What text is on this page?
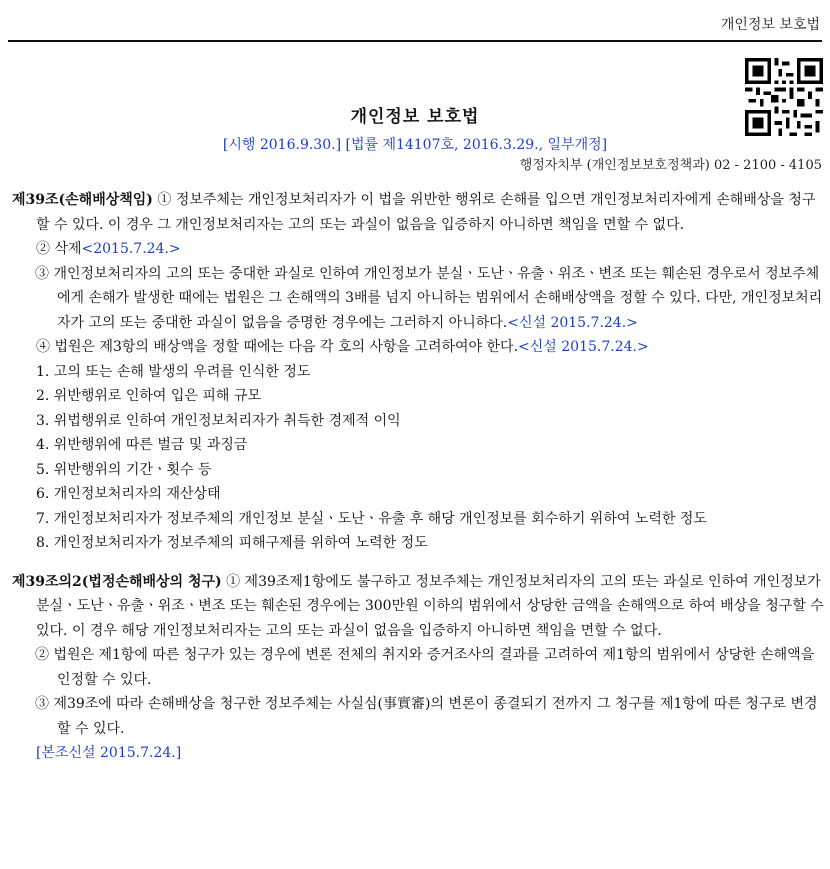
개인정보 보호법
개인정보 보호법
[시행 2016.9.30.] [법률 제14107호, 2016.3.29., 일부개정]
행정자치부 (개인정보보호정책과) 02 - 2100 - 4105

제39조(손해배상책임) ① 정보주체는 개인정보처리자가 이 법을 위반한 행위로 손해를 입으면 개인정보처리자에게 손해배상을 청구할 수 있다. 이 경우 그 개인정보처리자는 고의 또는 과실이 없음을 입증하지 아니하면 책임을 면할 수 없다.

② 삭제<2015.7.24.>

③ 개인정보처리자의 고의 또는 중대한 과실로 인하여 개인정보가 분실ㆍ도난ㆍ유출ㆍ위조ㆍ변조 또는 훼손된 경우로서 정보주체에게 손해가 발생한 때에는 법원은 그 손해액의 3배를 넘지 아니하는 범위에서 손해배상액을 정할 수 있다. 다만, 개인정보처리자가 고의 또는 중대한 과실이 없음을 증명한 경우에는 그러하지 아니하다.<신설 2015.7.24.>

④ 법원은 제3항의 배상액을 정할 때에는 다음 각 호의 사항을 고려하여야 한다.<신설 2015.7.24.>

1. 고의 또는 손해 발생의 우려를 인식한 정도

2. 위반행위로 인하여 입은 피해 규모

3. 위법행위로 인하여 개인정보처리자가 취득한 경제적 이익

4. 위반행위에 따른 벌금 및 과징금

5. 위반행위의 기간ㆍ횟수 등

6. 개인정보처리자의 재산상태

7. 개인정보처리자가 정보주체의 개인정보 분실ㆍ도난ㆍ유출 후 해당 개인정보를 회수하기 위하여 노력한 정도

8. 개인정보처리자가 정보주체의 피해구제를 위하여 노력한 정도

제39조의2(법정손해배상의 청구) ① 제39조제1항에도 불구하고 정보주체는 개인정보처리자의 고의 또는 과실로 인하여 개인정보가 분실ㆍ도난ㆍ유출ㆍ위조ㆍ변조 또는 훼손된 경우에는 300만원 이하의 범위에서 상당한 금액을 손해액으로 하여 배상을 청구할 수 있다. 이 경우 해당 개인정보처리자는 고의 또는 과실이 없음을 입증하지 아니하면 책임을 면할 수 없다.

② 법원은 제1항에 따른 청구가 있는 경우에 변론 전체의 취지와 증거조사의 결과를 고려하여 제1항의 범위에서 상당한 손해액을 인정할 수 있다.

③ 제39조에 따라 손해배상을 청구한 정보주체는 사실심(事實審)의 변론이 종결되기 전까지 그 청구를 제1항에 따른 청구로 변경할 수 있다.

[본조신설 2015.7.24.]
